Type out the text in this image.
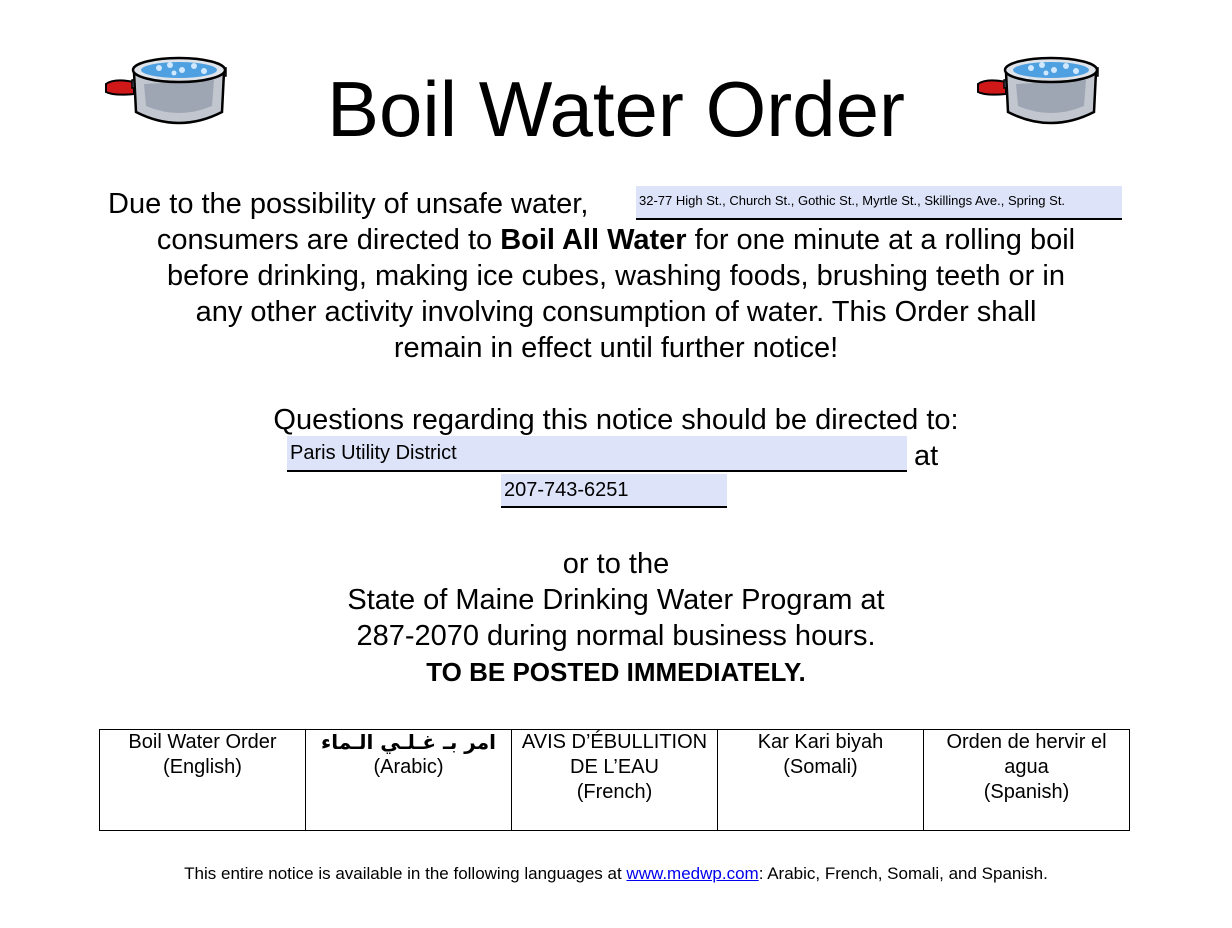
Boil Water Order
Due to the possibility of unsafe water,	32-77 High St., Church St., Gothic St., Myrtle St., Skillings Ave., Spring St.
consumers are directed to Boil All Water for one minute at a rolling boil
before drinking, making ice cubes, washing foods, brushing teeth or in
any other activity involving consumption of water. This Order shall
remain in effect until further notice!
Questions regarding this notice should be directed to:
Paris Utility District	at
207-743-6251
or to the
State of Maine Drinking Water Program at
287-2070 during normal business hours.
TO BE POSTED IMMEDIATELY.
Boil Water Order
(English)

امر بـ غـلـي الـماء
(Arabic)

AVIS D’ÉBULLITION DE L’EAU
(French)

Kar Kari biyah
(Somali)

Orden de hervir el agua
(Spanish)
This entire notice is available in the following languages at www.medwp.com: Arabic, French, Somali, and Spanish.
